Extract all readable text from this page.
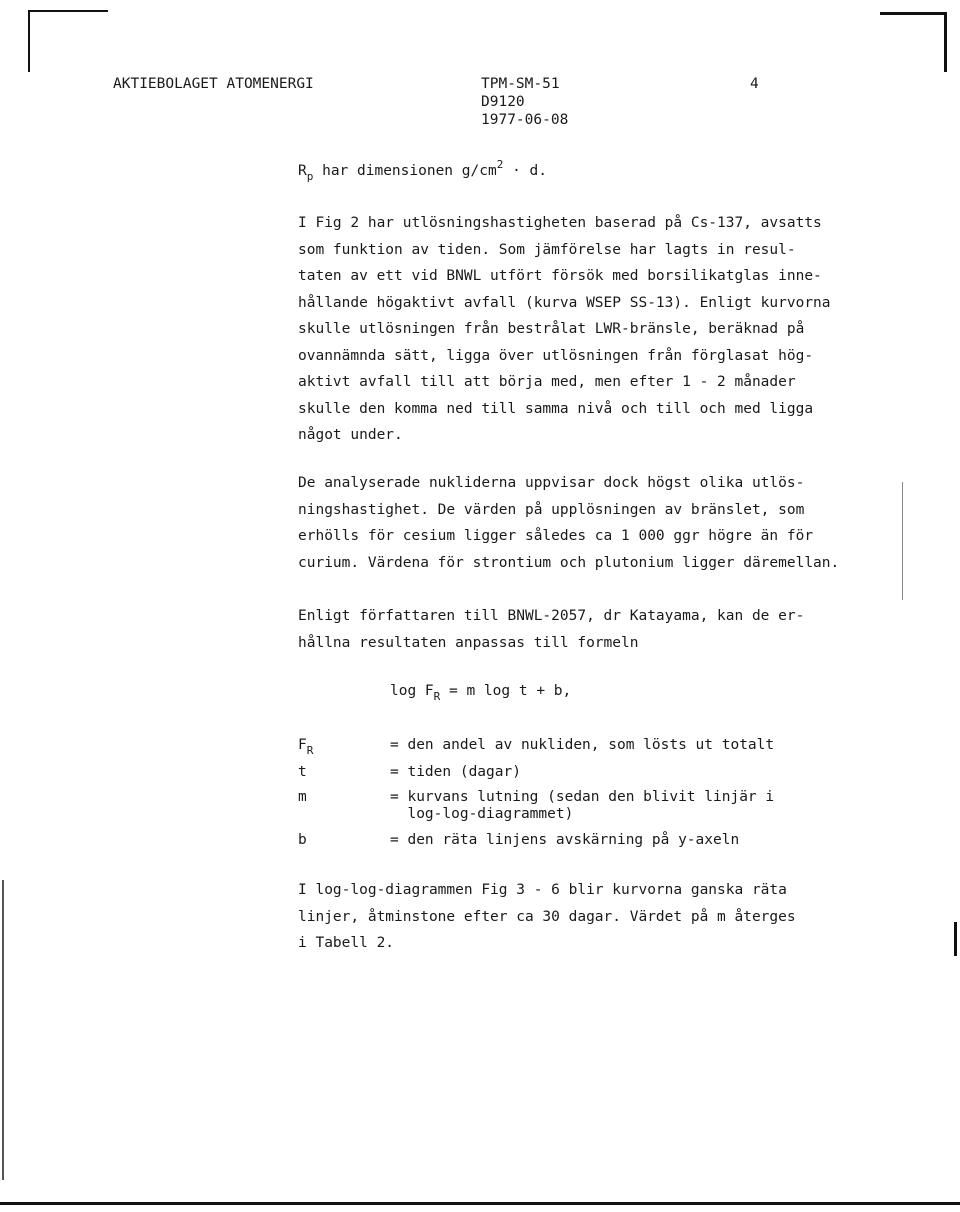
AKTIEBOLAGET ATOMENERGI	TPM-SM-51
D9120
1977-06-08
4
$R_p$ har dimensionen $g/cm^2 \cdot d$.
I Fig 2 har utlösningshastigheten baserad på Cs-137, avsatts
som funktion av tiden. Som jämförelse har lagts in resul-
taten av ett vid BNWL utfört försök med borsilikatglas inne-
hållande högaktivt avfall (kurva WSEP SS-13). Enligt kurvorna
skulle utlösningen från bestrålat LWR-bränsle, beräknad på
ovannämnda sätt, ligga över utlösningen från förglasat hög-
aktivt avfall till att börja med, men efter 1 - 2 månader
skulle den komma ned till samma nivå och till och med ligga
något under.
De analyserade nukliderna uppvisar dock högst olika utlös-
ningshastighet. De värden på upplösningen av bränslet, som
erhölls för cesium ligger således ca 1 000 ggr högre än för
curium. Värdena för strontium och plutonium ligger däremellan.
Enligt författaren till BNWL-2057, dr Katayama, kan de er-
hållna resultaten anpassas till formeln
$\log F_R = m$ log t + b,
$F_R$	= den andel av nukliden, som lösts ut totalt
t	= tiden (dagar)
m	= kurvans lutning (sedan den blivit linjär i
log-log-diagrammet)
b	= den räta linjens avskärning på y-axeln
I log-log-diagrammen Fig 3 - 6 blir kurvorna ganska räta
linjer, åtminstone efter ca 30 dagar. Värdet på m återges
i Tabell 2.
